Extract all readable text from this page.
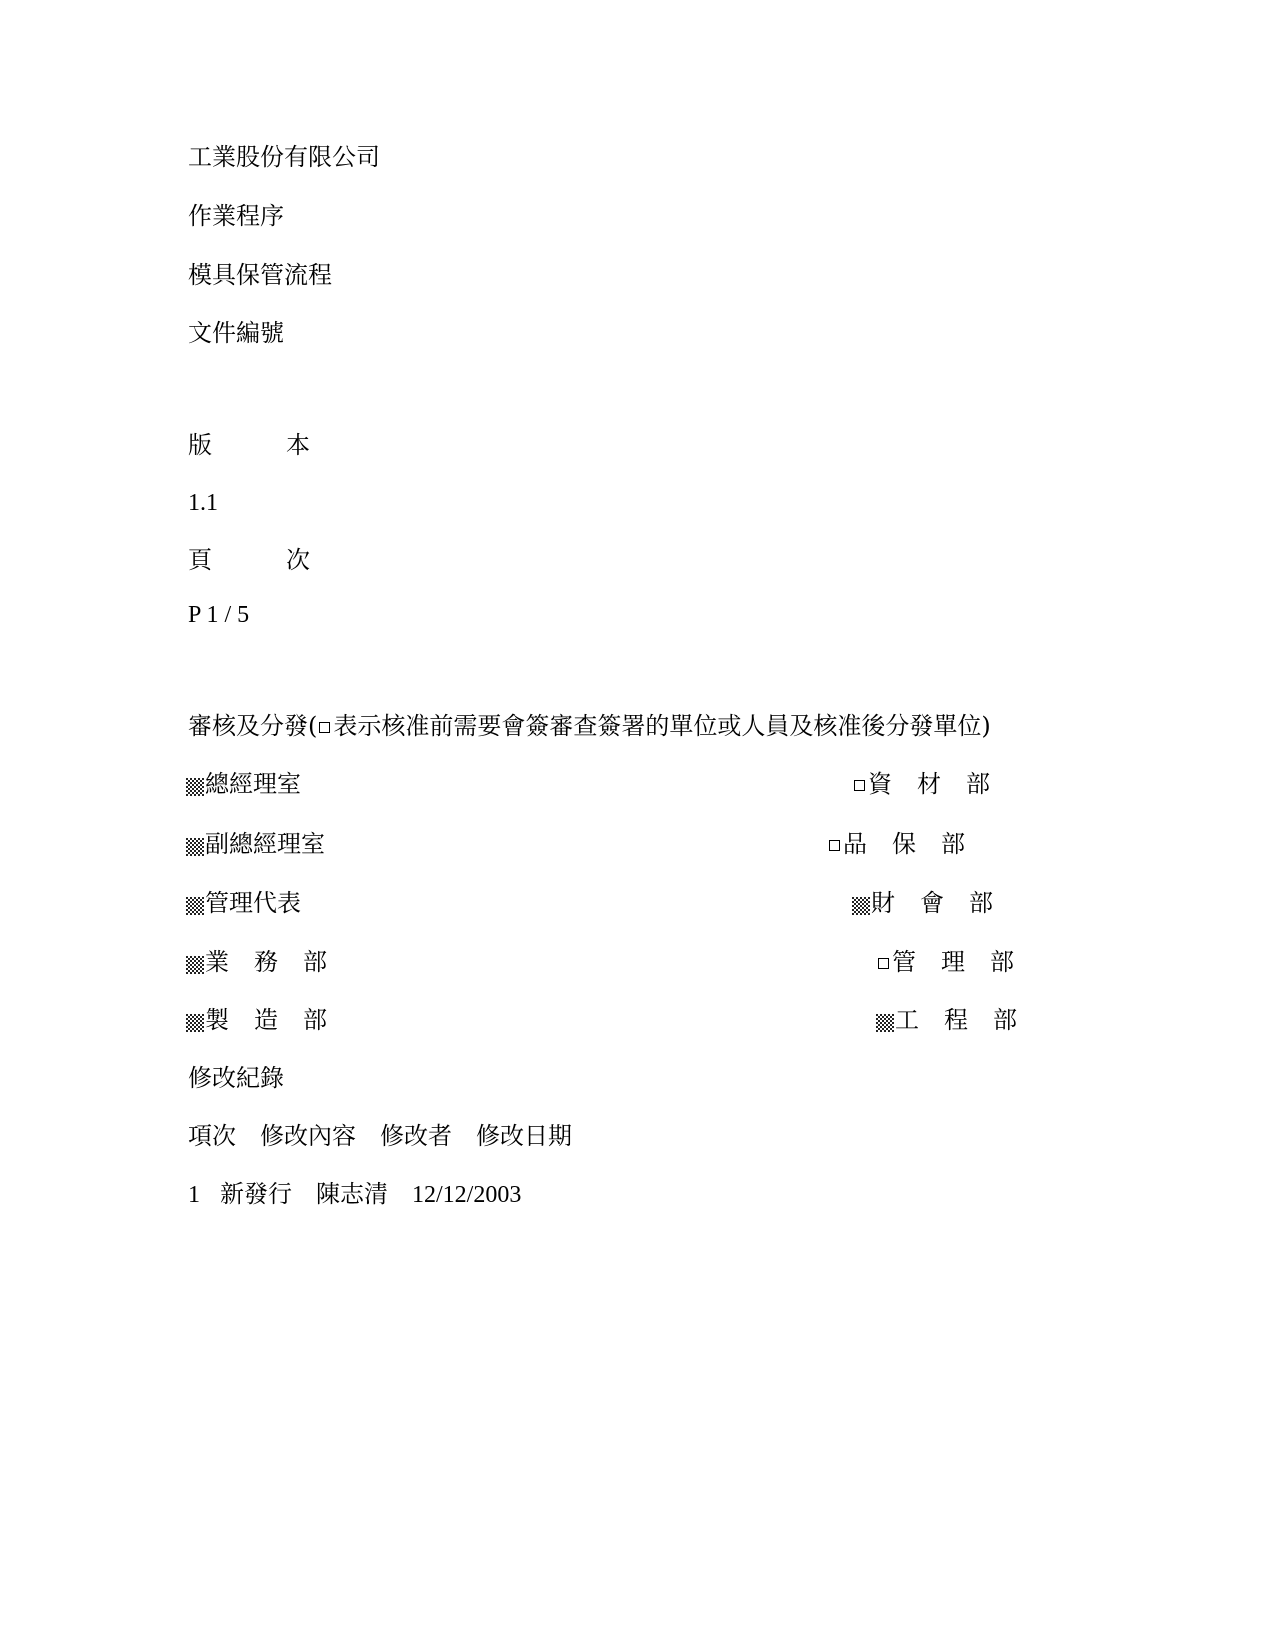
工業股份有限公司
作業程序
模具保管流程
文件編號
版	本
1.1
頁	次
P 1 / 5
審核及分發( 表示核准前需要會簽審查簽署的單位或人員及核准後分發單位)
總經理室
副總經理室
管理代表
業 務 部
製 造 部
資 材 部
品 保 部
財 會 部
管 理 部
工 程 部
修改紀錄
項次 修改內容 修改者 修改日期
1 新發行 陳志清 12/12/2003
